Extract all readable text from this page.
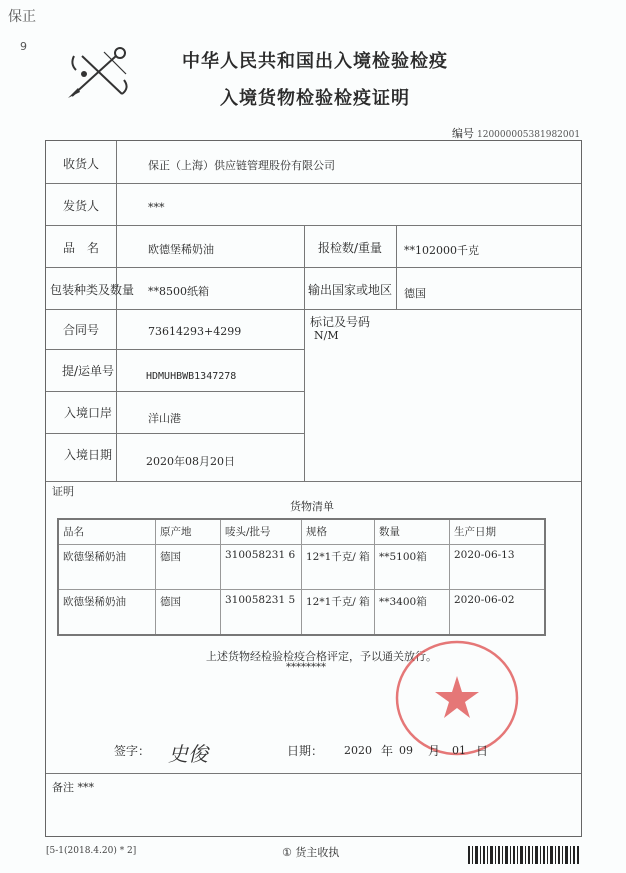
保正
9
中华人民共和国出入境检验检疫
入境货物检验检疫证明
编号 120000005381982001
收货人	保正（上海）供应链管理股份有限公司
发货人	***
品　名	欧德堡稀奶油	报检数/重量	**102000千克
包装种类及数量	**8500纸箱	输出国家或地区	德国
合同号	73614293+4299
标记及号码
N/M
提/运单号	HDMUHBWB1347278
入境口岸	洋山港
入境日期	2020年08月20日
证明
货物清单
品名	原产地	唛头/批号	规格	数量	生产日期
欧德堡稀奶油	德国	310058231 6	12*1千克/ 箱	**5100箱	2020-06-13
欧德堡稀奶油	德国	310058231 5	12*1千克/ 箱	**3400箱	2020-06-02
上述货物经检验检疫合格评定，予以通关放行。
********
签字： 史俊	日期： 2020 年 09 月 01 日
备注 ***
[5-1(2018.4.20) * 2]	① 货主收执
